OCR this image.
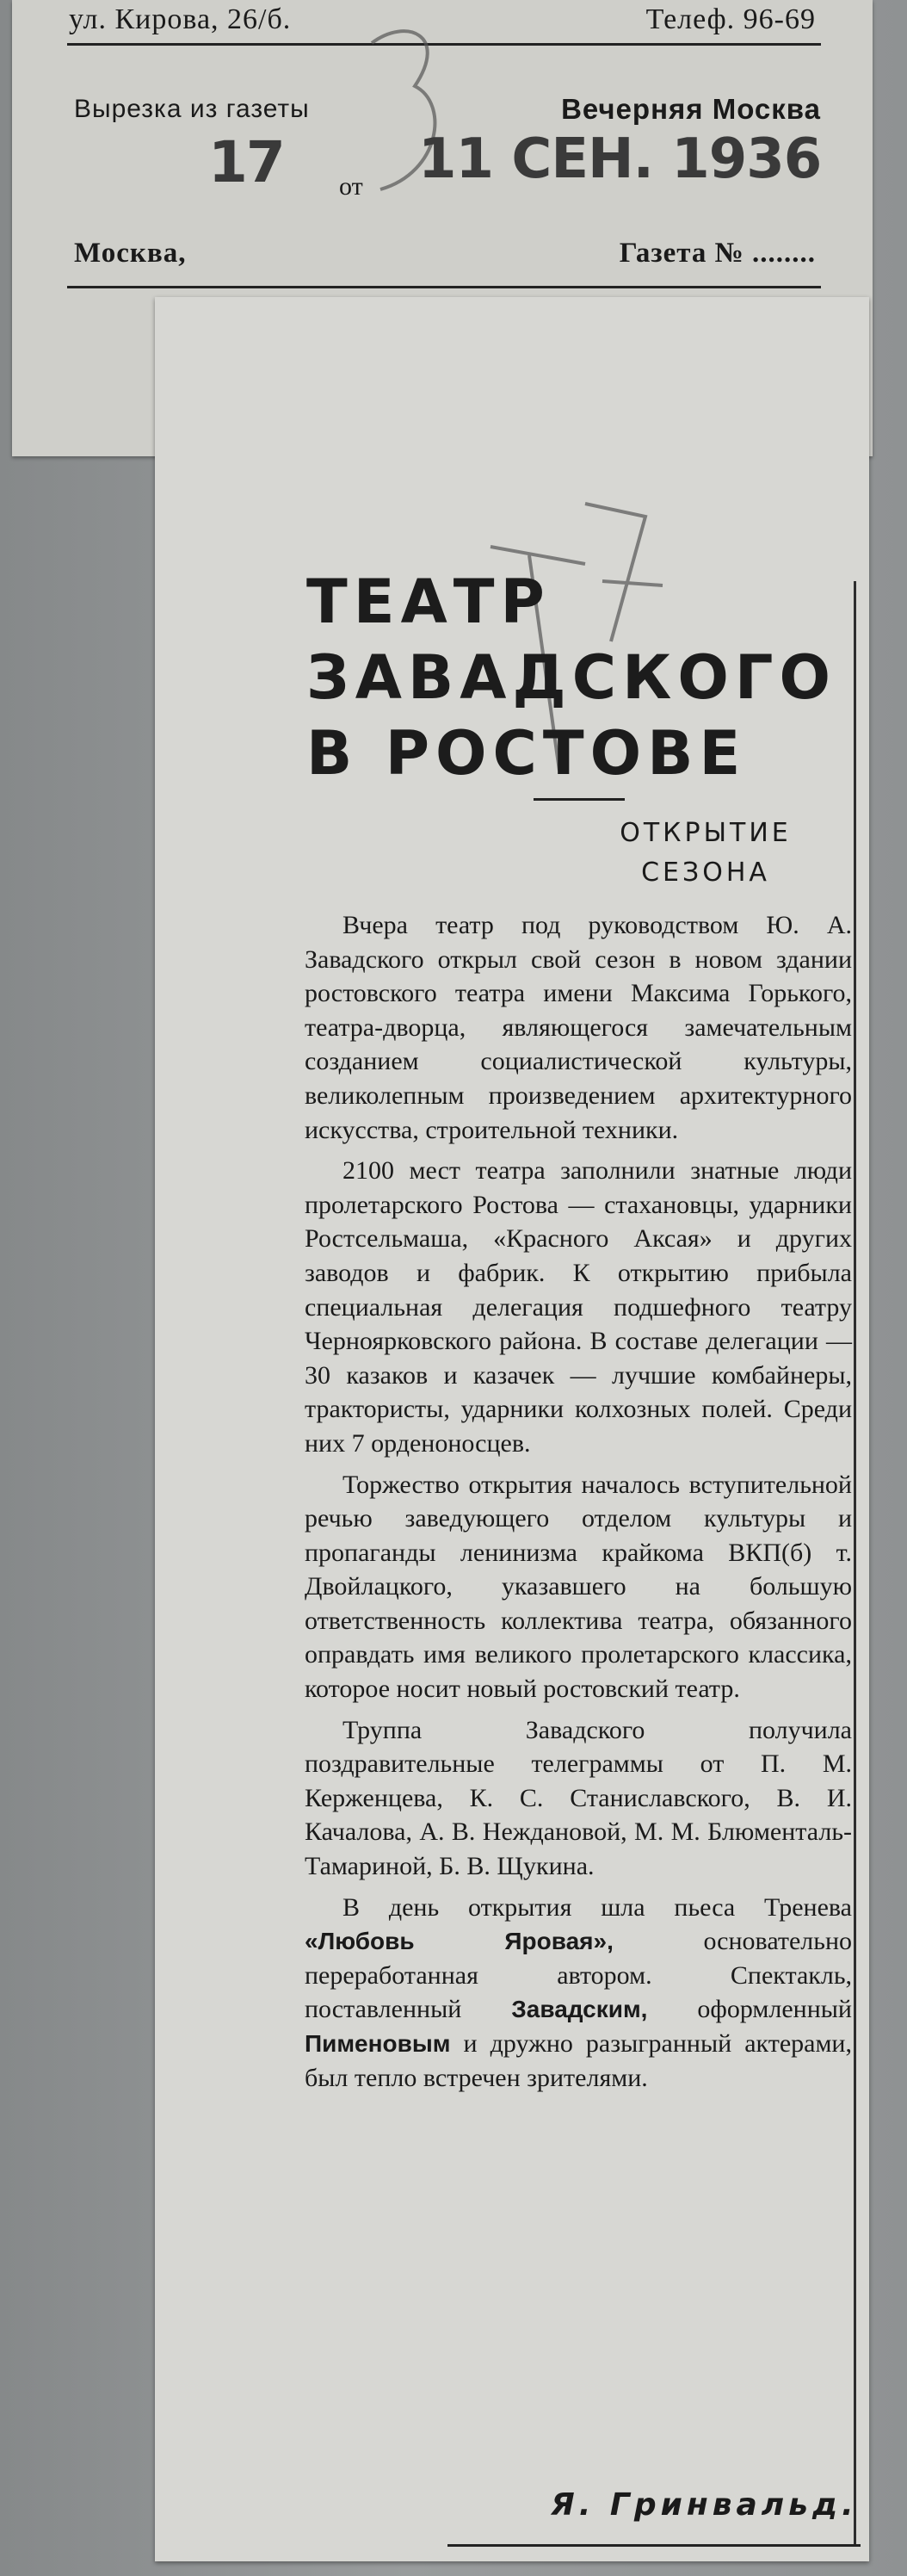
ул. Кирова, 26/б.	Телеф. 96-69
Вырезка из газеты	Вечерняя Москва
17 от 11 СЕН. 1936
Москва,	Газета № ........
ТЕАТР
ЗАВАДСКОГО
В РОСТОВЕ
ОТКРЫТИЕ
СЕЗОНА

Вчера театр под руководством Ю. А. Завадского открыл свой сезон в новом здании ростовского театра имени Максима Горького, театра-дворца, являющегося замечательным созданием социалистической культуры, великолепным произведением архитектурного искусства, строительной техники.

2100 мест театра заполнили знатные люди пролетарского Ростова — стахановцы, ударники Ростсельмаша, «Красного Аксая» и других заводов и фабрик. К открытию прибыла специальная делегация подшефного театру Черноярковского района. В составе делегации — 30 казаков и казачек — лучшие комбайнеры, трактористы, ударники колхозных полей. Среди них 7 орденоносцев.

Торжество открытия началось вступительной речью заведующего отделом культуры и пропаганды ленинизма крайкома ВКП(б) т. Двойлацкого, указавшего на большую ответственность коллектива театра, обязанного оправдать имя великого пролетарского классика, которое носит новый ростовский театр.

Труппа Завадского получила поздравительные телеграммы от П. М. Керженцева, К. С. Станиславского, В. И. Качалова, А. В. Неждановой, М. М. Блюменталь-Тамариной, Б. В. Щукина.

В день открытия шла пьеса Тренева «Любовь Яровая», основательно переработанная автором. Спектакль, поставленный Завадским, оформленный Пименовым и дружно разыгранный актерами, был тепло встречен зрителями.

Я. Гринвальд.
